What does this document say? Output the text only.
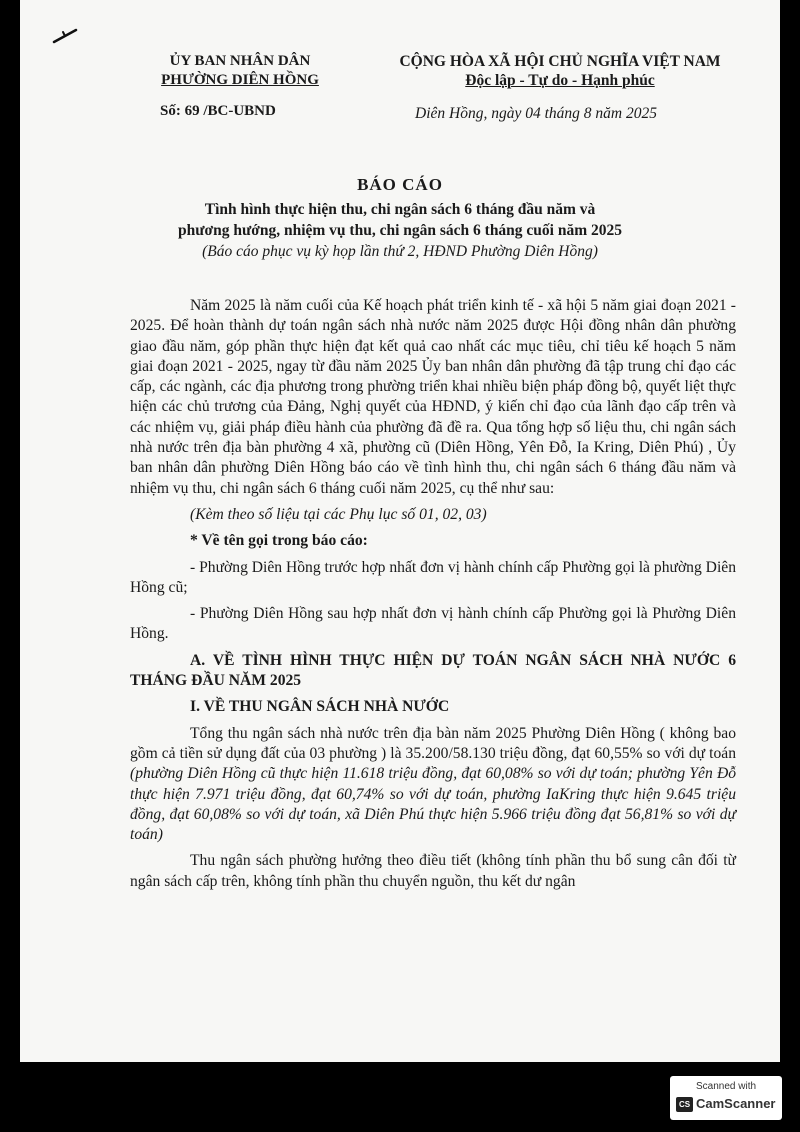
ỦY BAN NHÂN DÂN
PHƯỜNG DIÊN HỒNG
Số: 69 /BC-UBND
CỘNG HÒA XÃ HỘI CHỦ NGHĨA VIỆT NAM
Độc lập - Tự do - Hạnh phúc
Diên Hồng, ngày 04 tháng 8 năm 2025
BÁO CÁO
Tình hình thực hiện thu, chi ngân sách 6 tháng đầu năm và
phương hướng, nhiệm vụ thu, chi ngân sách 6 tháng cuối năm 2025
(Báo cáo phục vụ kỳ họp lần thứ 2, HĐND Phường Diên Hồng)

Năm 2025 là năm cuối của Kế hoạch phát triển kinh tế - xã hội 5 năm giai đoạn 2021 - 2025. Để hoàn thành dự toán ngân sách nhà nước năm 2025 được Hội đồng nhân dân phường giao đầu năm, góp phần thực hiện đạt kết quả cao nhất các mục tiêu, chỉ tiêu kế hoạch 5 năm giai đoạn 2021 - 2025, ngay từ đầu năm 2025 Ủy ban nhân dân phường đã tập trung chỉ đạo các cấp, các ngành, các địa phương trong phường triển khai nhiều biện pháp đồng bộ, quyết liệt thực hiện các chủ trương của Đảng, Nghị quyết của HĐND, ý kiến chỉ đạo của lãnh đạo cấp trên và các nhiệm vụ, giải pháp điều hành của phường đã đề ra. Qua tổng hợp số liệu thu, chi ngân sách nhà nước trên địa bàn phường 4 xã, phường cũ (Diên Hồng, Yên Đỗ, Ia Kring, Diên Phú) , Ủy ban nhân dân phường Diên Hồng báo cáo về tình hình thu, chi ngân sách 6 tháng đầu năm và nhiệm vụ thu, chi ngân sách 6 tháng cuối năm 2025, cụ thể như sau:

(Kèm theo số liệu tại các Phụ lục số 01, 02, 03)

* Về tên gọi trong báo cáo:

- Phường Diên Hồng trước hợp nhất đơn vị hành chính cấp Phường gọi là phường Diên Hồng cũ;

- Phường Diên Hồng sau hợp nhất đơn vị hành chính cấp Phường gọi là Phường Diên Hồng.

A. VỀ TÌNH HÌNH THỰC HIỆN DỰ TOÁN NGÂN SÁCH NHÀ NƯỚC 6 THÁNG ĐẦU NĂM 2025

I. VỀ THU NGÂN SÁCH NHÀ NƯỚC

Tổng thu ngân sách nhà nước trên địa bàn năm 2025 Phường Diên Hồng ( không bao gồm cả tiền sử dụng đất của 03 phường ) là 35.200/58.130 triệu đồng, đạt 60,55% so với dự toán (phường Diên Hồng cũ thực hiện 11.618 triệu đồng, đạt 60,08% so với dự toán; phường Yên Đỗ thực hiện 7.971 triệu đồng, đạt 60,74% so với dự toán, phường IaKring thực hiện 9.645 triệu đồng, đạt 60,08% so với dự toán, xã Diên Phú thực hiện 5.966 triệu đồng đạt 56,81% so với dự toán)

Thu ngân sách phường hưởng theo điều tiết (không tính phần thu bổ sung cân đối từ ngân sách cấp trên, không tính phần thu chuyển nguồn, thu kết dư ngân

CS
Scanned with
CamScanner
